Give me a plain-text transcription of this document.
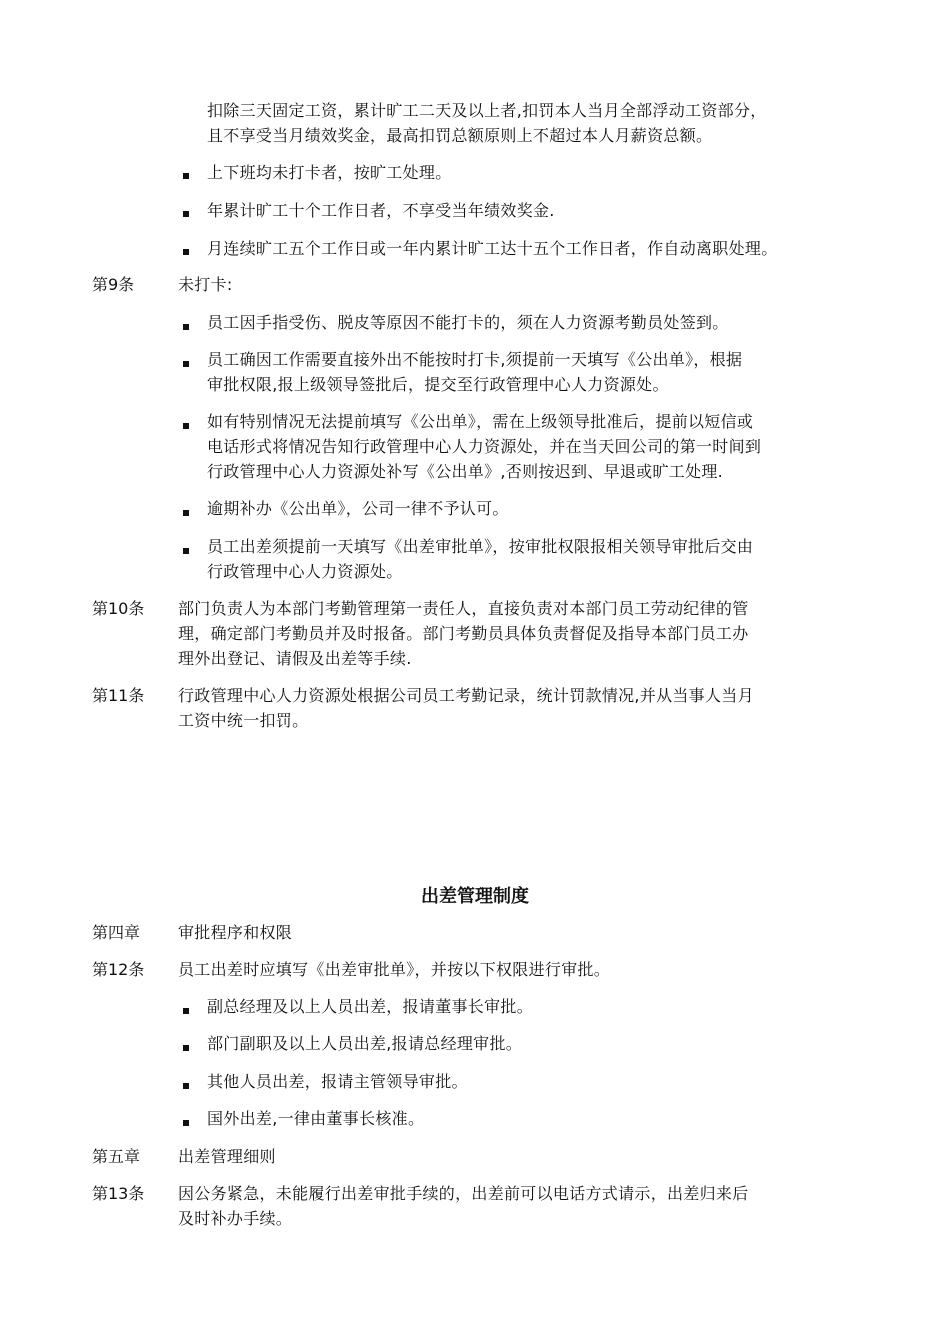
扣除三天固定工资，累计旷工二天及以上者,扣罚本人当月全部浮动工资部分，
且不享受当月绩效奖金，最高扣罚总额原则上不超过本人月薪资总额。
上下班均未打卡者，按旷工处理。
年累计旷工十个工作日者，不享受当年绩效奖金.
月连续旷工五个工作日或一年内累计旷工达十五个工作日者，作自动离职处理。
第9条	未打卡:
员工因手指受伤、脱皮等原因不能打卡的，须在人力资源考勤员处签到。
员工确因工作需要直接外出不能按时打卡,须提前一天填写《公出单》，根据
审批权限,报上级领导签批后，提交至行政管理中心人力资源处。
如有特别情况无法提前填写《公出单》，需在上级领导批准后，提前以短信或
电话形式将情况告知行政管理中心人力资源处，并在当天回公司的第一时间到
行政管理中心人力资源处补写《公出单》,否则按迟到、早退或旷工处理.
逾期补办《公出单》，公司一律不予认可。
员工出差须提前一天填写《出差审批单》，按审批权限报相关领导审批后交由
行政管理中心人力资源处。
第10条 部门负责人为本部门考勤管理第一责任人，直接负责对本部门员工劳动纪律的管
理，确定部门考勤员并及时报备。部门考勤员具体负责督促及指导本部门员工办
理外出登记、请假及出差等手续.
第11条 行政管理中心人力资源处根据公司员工考勤记录，统计罚款情况,并从当事人当月
工资中统一扣罚。
出差管理制度
第四章 审批程序和权限
第12条 员工出差时应填写《出差审批单》，并按以下权限进行审批。
副总经理及以上人员出差，报请董事长审批。
部门副职及以上人员出差,报请总经理审批。
其他人员出差，报请主管领导审批。
国外出差,一律由董事长核准。
第五章 出差管理细则
第13条 因公务紧急，未能履行出差审批手续的，出差前可以电话方式请示，出差归来后
及时补办手续。
